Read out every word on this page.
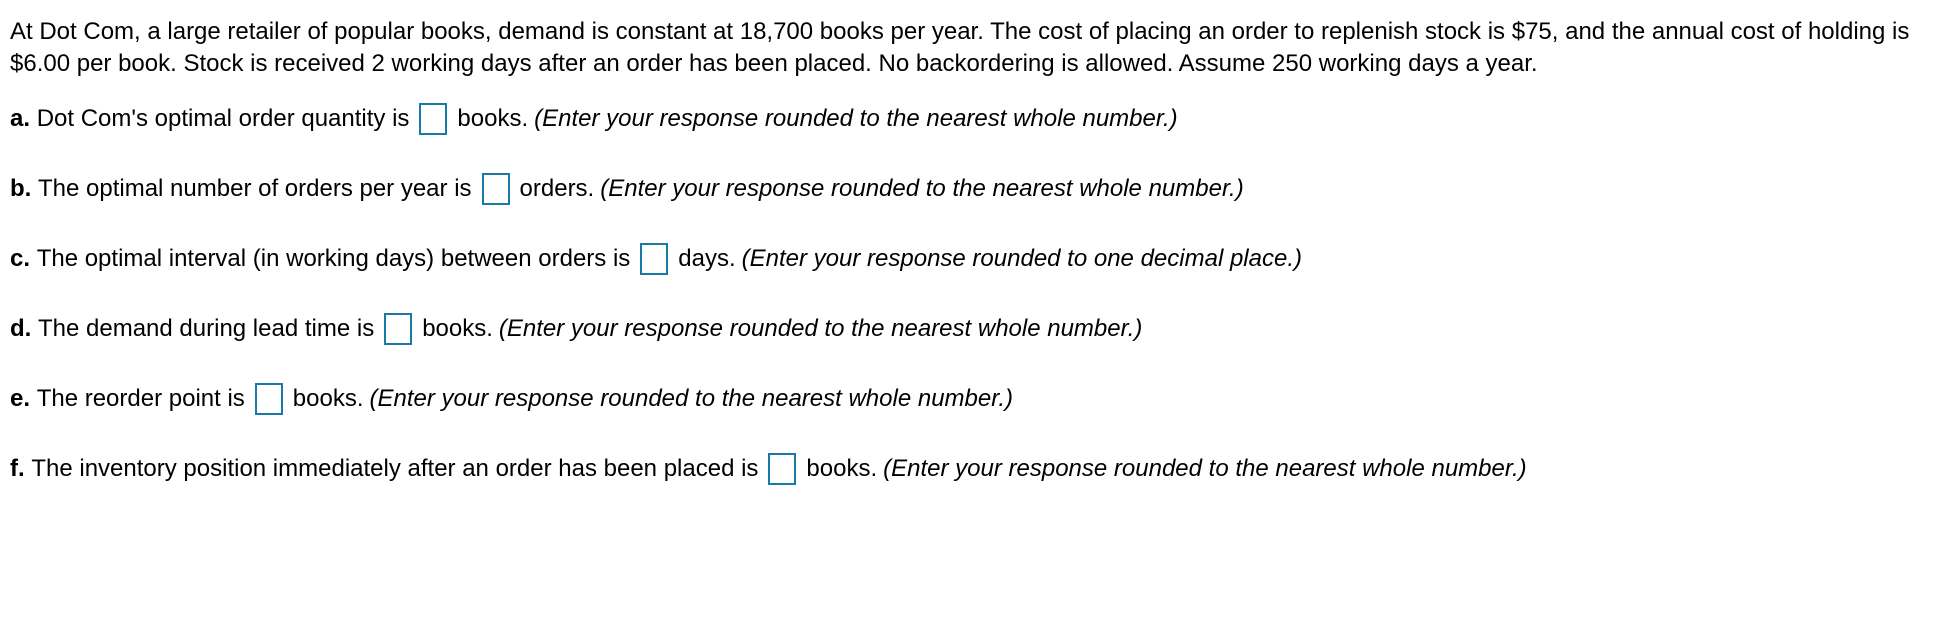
At Dot Com, a large retailer of popular books, demand is constant at 18,700 books per year. The cost of placing an order to replenish stock is $75, and the annual cost of holding is $6.00 per book. Stock is received 2 working days after an order has been placed. No backordering is allowed. Assume 250 working days a year.

a.
Dot Com's optimal order quantity is books. (Enter your response rounded to the nearest whole number.)
b.
The optimal number of orders per year is orders. (Enter your response rounded to the nearest whole number.)
c.
The optimal interval (in working days) between orders is days. (Enter your response rounded to one decimal place.)
d.
The demand during lead time is books. (Enter your response rounded to the nearest whole number.)
e.
The reorder point is books. (Enter your response rounded to the nearest whole number.)
f.
The inventory position immediately after an order has been placed is books. (Enter your response rounded to the nearest whole number.)
